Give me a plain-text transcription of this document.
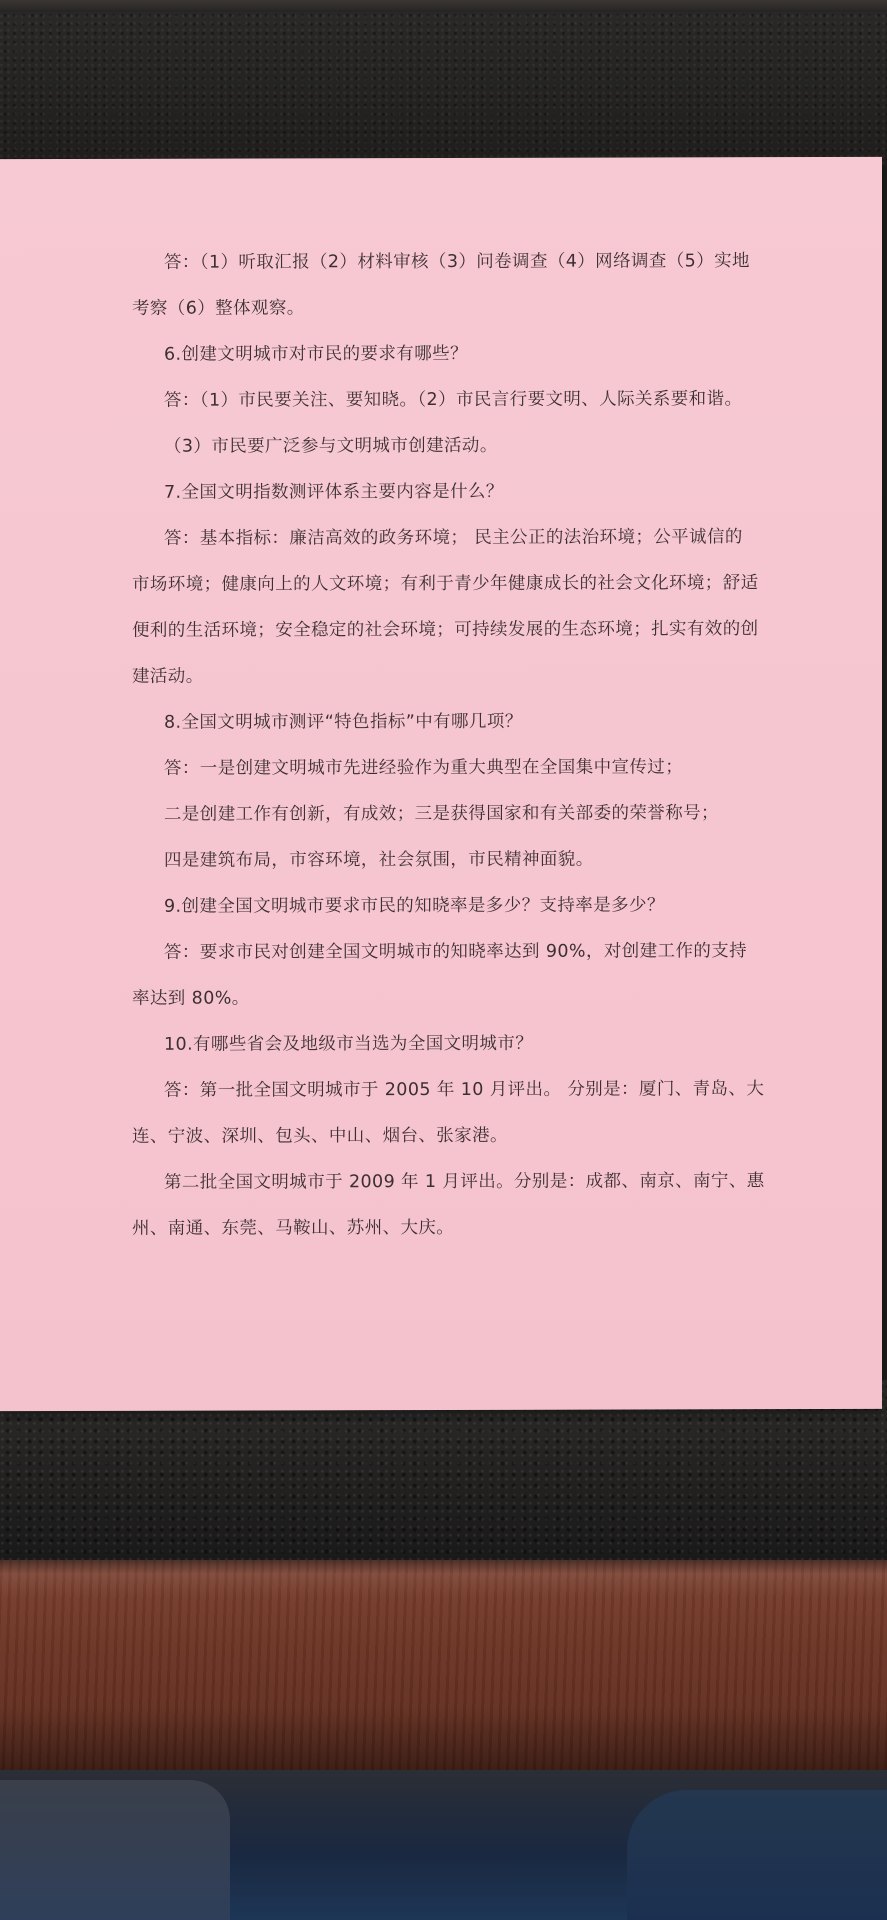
答：（1）听取汇报（2）材料审核（3）问卷调查（4）网络调查（5）实地
考察（6）整体观察。
6.创建文明城市对市民的要求有哪些？
答：（1）市民要关注、要知晓。（2）市民言行要文明、人际关系要和谐。
（3）市民要广泛参与文明城市创建活动。
7.全国文明指数测评体系主要内容是什么？
答：基本指标：廉洁高效的政务环境； 民主公正的法治环境；公平诚信的
市场环境；健康向上的人文环境；有利于青少年健康成长的社会文化环境；舒适
便利的生活环境；安全稳定的社会环境；可持续发展的生态环境；扎实有效的创
建活动。
8.全国文明城市测评“特色指标”中有哪几项？
答：一是创建文明城市先进经验作为重大典型在全国集中宣传过；
二是创建工作有创新，有成效；三是获得国家和有关部委的荣誉称号；
四是建筑布局，市容环境，社会氛围，市民精神面貌。
9.创建全国文明城市要求市民的知晓率是多少？支持率是多少？
答：要求市民对创建全国文明城市的知晓率达到 90%，对创建工作的支持
率达到 80%。
10.有哪些省会及地级市当选为全国文明城市？
答：第一批全国文明城市于 2005 年 10 月评出。 分别是：厦门、青岛、大
连、宁波、深圳、包头、中山、烟台、张家港。
第二批全国文明城市于 2009 年 1 月评出。分别是：成都、南京、南宁、惠
州、南通、东莞、马鞍山、苏州、大庆。
